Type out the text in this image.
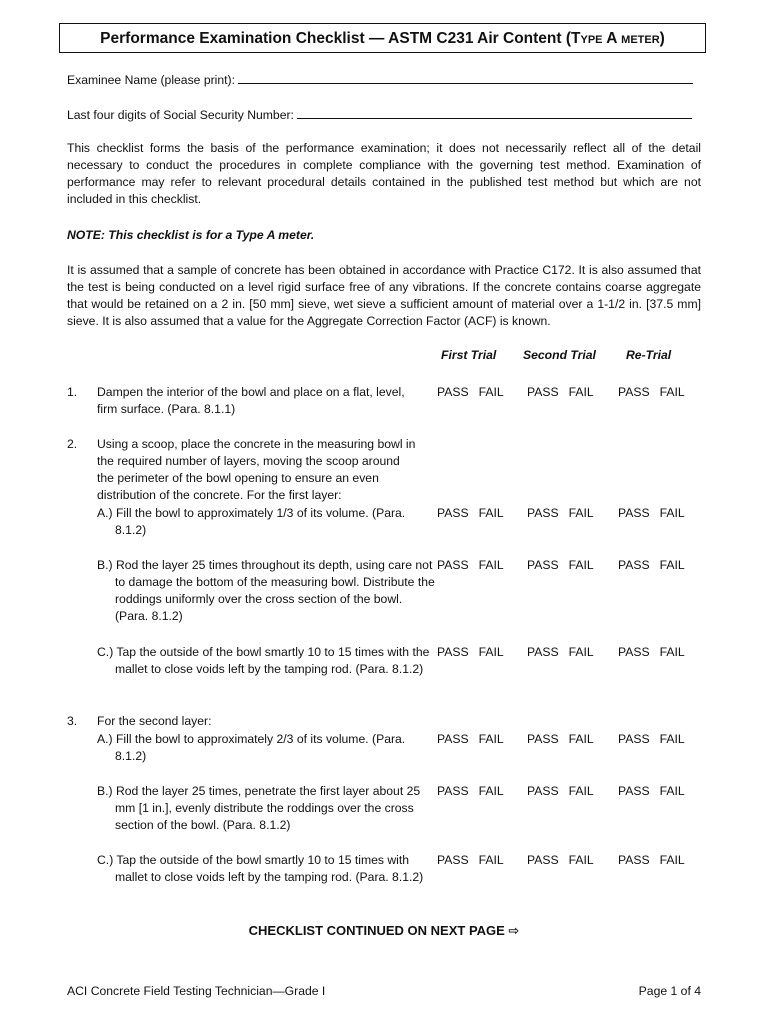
Performance Examination Checklist — ASTM C231 Air Content ( Type A meter )
Examinee Name (please print):
Last four digits of Social Security Number:
This checklist forms the basis of the performance examination; it does not necessarily reflect all of the detail necessary to conduct the procedures in complete compliance with the governing test method. Examination of performance may refer to relevant procedural details contained in the published test method but which are not included in this checklist.
NOTE: This checklist is for a Type A meter.
It is assumed that a sample of concrete has been obtained in accordance with Practice C172. It is also assumed that the test is being conducted on a level rigid surface free of any vibrations. If the concrete contains coarse aggregate that would be retained on a 2 in. [50 mm] sieve, wet sieve a sufficient amount of material over a 1-1/2 in. [37.5 mm] sieve. It is also assumed that a value for the Aggregate Correction Factor (ACF) is known.
First Trial Second Trial Re-Trial
1. Dampen the interior of the bowl and place on a flat, level, firm surface. (Para. 8.1.1)
PASS FAIL PASS FAIL PASS FAIL
2. Using a scoop, place the concrete in the measuring bowl in the required number of layers, moving the scoop around the perimeter of the bowl opening to ensure an even distribution of the concrete. For the first layer:
A.) Fill the bowl to approximately 1/3 of its volume. (Para. 8.1.2)
PASS FAIL PASS FAIL PASS FAIL
B.) Rod the layer 25 times throughout its depth, using care not to damage the bottom of the measuring bowl. Distribute the roddings uniformly over the cross section of the bowl. (Para. 8.1.2)
PASS FAIL PASS FAIL PASS FAIL
C.) Tap the outside of the bowl smartly 10 to 15 times with the mallet to close voids left by the tamping rod. (Para. 8.1.2)
PASS FAIL PASS FAIL PASS FAIL
3. For the second layer:
A.) Fill the bowl to approximately 2/3 of its volume. (Para. 8.1.2)
PASS FAIL PASS FAIL PASS FAIL
B.) Rod the layer 25 times, penetrate the first layer about 25 mm [1 in.], evenly distribute the roddings over the cross section of the bowl. (Para. 8.1.2)
PASS FAIL PASS FAIL PASS FAIL
C.) Tap the outside of the bowl smartly 10 to 15 times with mallet to close voids left by the tamping rod. (Para. 8.1.2)
PASS FAIL PASS FAIL PASS FAIL
CHECKLIST CONTINUED ON NEXT PAGE ⇨
ACI Concrete Field Testing Technician—Grade I	Page 1 of 4
